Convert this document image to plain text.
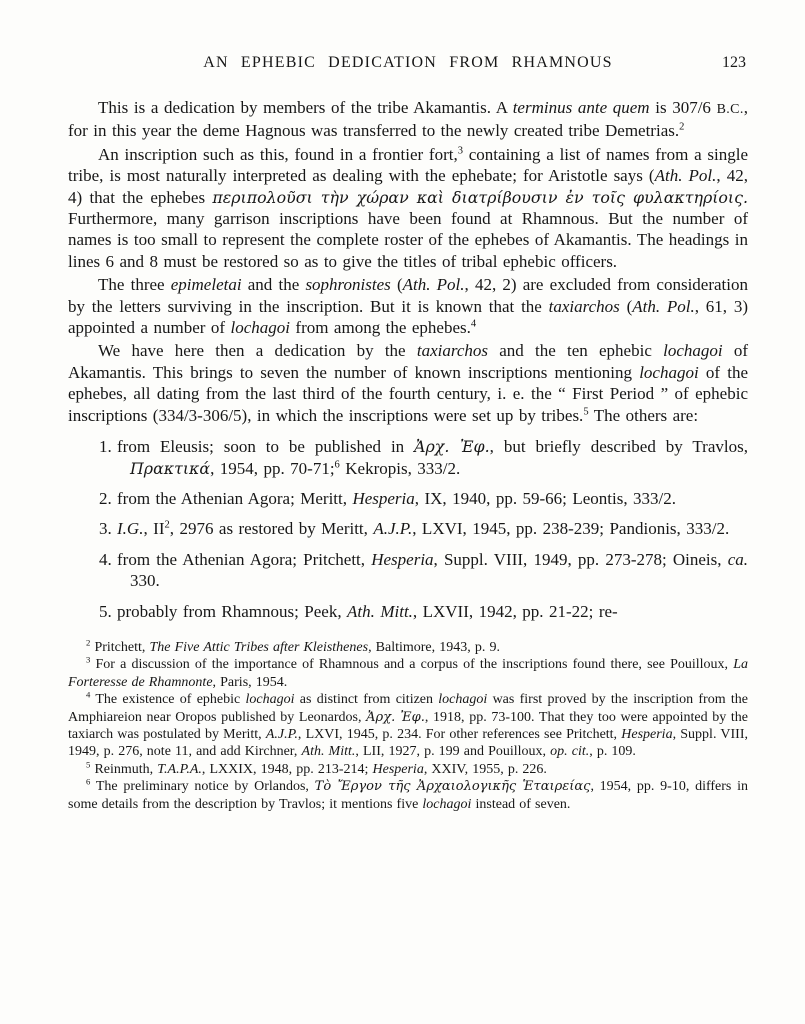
AN EPHEBIC DEDICATION FROM RHAMNOUS	123

This is a dedication by members of the tribe Akamantis. A terminus ante quem is 307/6 B.C., for in this year the deme Hagnous was transferred to the newly created tribe Demetrias.$^2$

An inscription such as this, found in a frontier fort,$^3$ containing a list of names from a single tribe, is most naturally interpreted as dealing with the ephebate; for Aristotle says (Ath. Pol., 42, 4) that the ephebes περιπολοῦσι τὴν χώραν καὶ διατρίβουσιν ἐν τοῖς φυλακτηρίοις. Furthermore, many garrison inscriptions have been found at Rhamnous. But the number of names is too small to represent the complete roster of the ephebes of Akamantis. The headings in lines 6 and 8 must be restored so as to give the titles of tribal ephebic officers.

The three epimeletai and the sophronistes (Ath. Pol., 42, 2) are excluded from consideration by the letters surviving in the inscription. But it is known that the taxiarchos (Ath. Pol., 61, 3) appointed a number of lochagoi from among the ephebes.$^4$

We have here then a dedication by the taxiarchos and the ten ephebic lochagoi of Akamantis. This brings to seven the number of known inscriptions mentioning lochagoi of the ephebes, all dating from the last third of the fourth century, i. e. the “ First Period ” of ephebic inscriptions (334/3-306/5), in which the inscriptions were set up by tribes.$^5$ The others are:

1. from Eleusis; soon to be published in Ἀρχ. Ἐφ., but briefly described by Travlos, Πρακτικά, 1954, pp. 70-71;$^6$ Kekropis, 333/2.
2. from the Athenian Agora; Meritt, Hesperia, IX, 1940, pp. 59-66; Leontis, 333/2.
3. I.G., $II^2$, 2976 as restored by Meritt, A.J.P., LXVI, 1945, pp. 238-239; Pandionis, 333/2.
4. from the Athenian Agora; Pritchett, Hesperia, Suppl. VIII, 1949, pp. 273-278; Oineis, ca. 330.
5. probably from Rhamnous; Peek, Ath. Mitt., LXVII, 1942, pp. 21-22; re-

$^2$ Pritchett, The Five Attic Tribes after Kleisthenes, Baltimore, 1943, p. 9.

$^3$ For a discussion of the importance of Rhamnous and a corpus of the inscriptions found there, see Pouilloux, La Forteresse de Rhamnonte, Paris, 1954.

$^4$ The existence of ephebic lochagoi as distinct from citizen lochagoi was first proved by the inscription from the Amphiareion near Oropos published by Leonardos, Ἀρχ. Ἐφ., 1918, pp. 73-100. That they too were appointed by the taxiarch was postulated by Meritt, A.J.P., LXVI, 1945, p. 234. For other references see Pritchett, Hesperia, Suppl. VIII, 1949, p. 276, note 11, and add Kirchner, Ath. Mitt., LII, 1927, p. 199 and Pouilloux, op. cit., p. 109.

$^5$ Reinmuth, T.A.P.A., LXXIX, 1948, pp. 213-214; Hesperia, XXIV, 1955, p. 226.

$^6$ The preliminary notice by Orlandos, Τὸ Ἔργον τῆς Ἀρχαιολογικῆς Ἑταιρείας, 1954, pp. 9-10, differs in some details from the description by Travlos; it mentions five lochagoi instead of seven.
